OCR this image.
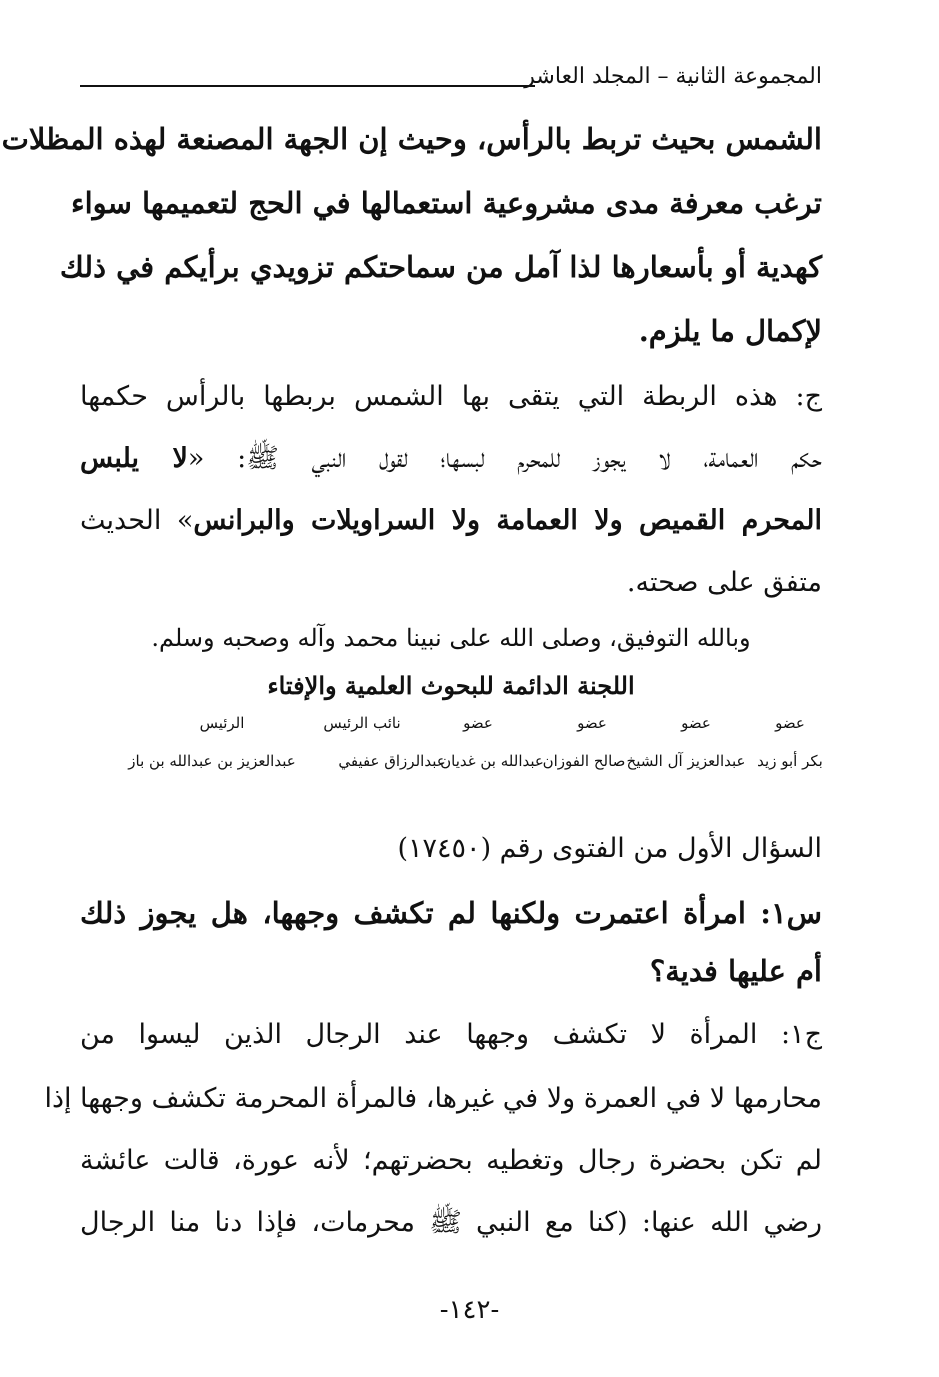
المجموعة الثانية – المجلد العاشر
الشمس بحيث تربط بالرأس، وحيث إن الجهة المصنعة لهذه المظلات
ترغب معرفة مدى مشروعية استعمالها في الحج لتعميمها سواء
كهدية أو بأسعارها لذا آمل من سماحتكم تزويدي برأيكم في ذلك
لإكمال ما يلزم.
ج: هذه الربطة التي يتقى بها الشمس بربطها بالرأس حكمها
حكم العمامة، لا يجوز للمحرم لبسها؛ لقول النبي ﷺ: «لا يلبس
المحرم القميص ولا العمامة ولا السراويلات والبرانس» الحديث
متفق على صحته.
وبالله التوفيق، وصلى الله على نبينا محمد وآله وصحبه وسلم.
اللجنة الدائمة للبحوث العلمية والإفتاء
عضو
عضو
عضو
عضو
نائب الرئيس
الرئيس
بكر أبو زيد
عبدالعزيز آل الشيخ
صالح الفوزان
عبدالله بن غديان
عبدالرزاق عفيفي
عبدالعزيز بن عبدالله بن باز
السؤال الأول من الفتوى رقم (١٧٤٥٠)
س١: امرأة اعتمرت ولكنها لم تكشف وجهها، هل يجوز ذلك
أم عليها فدية؟
ج١: المرأة لا تكشف وجهها عند الرجال الذين ليسوا من
محارمها لا في العمرة ولا في غيرها، فالمرأة المحرمة تكشف وجهها إذا
لم تكن بحضرة رجال وتغطيه بحضرتهم؛ لأنه عورة، قالت عائشة
رضي الله عنها: (كنا مع النبي ﷺ محرمات، فإذا دنا منا الرجال
-١٤٢-
